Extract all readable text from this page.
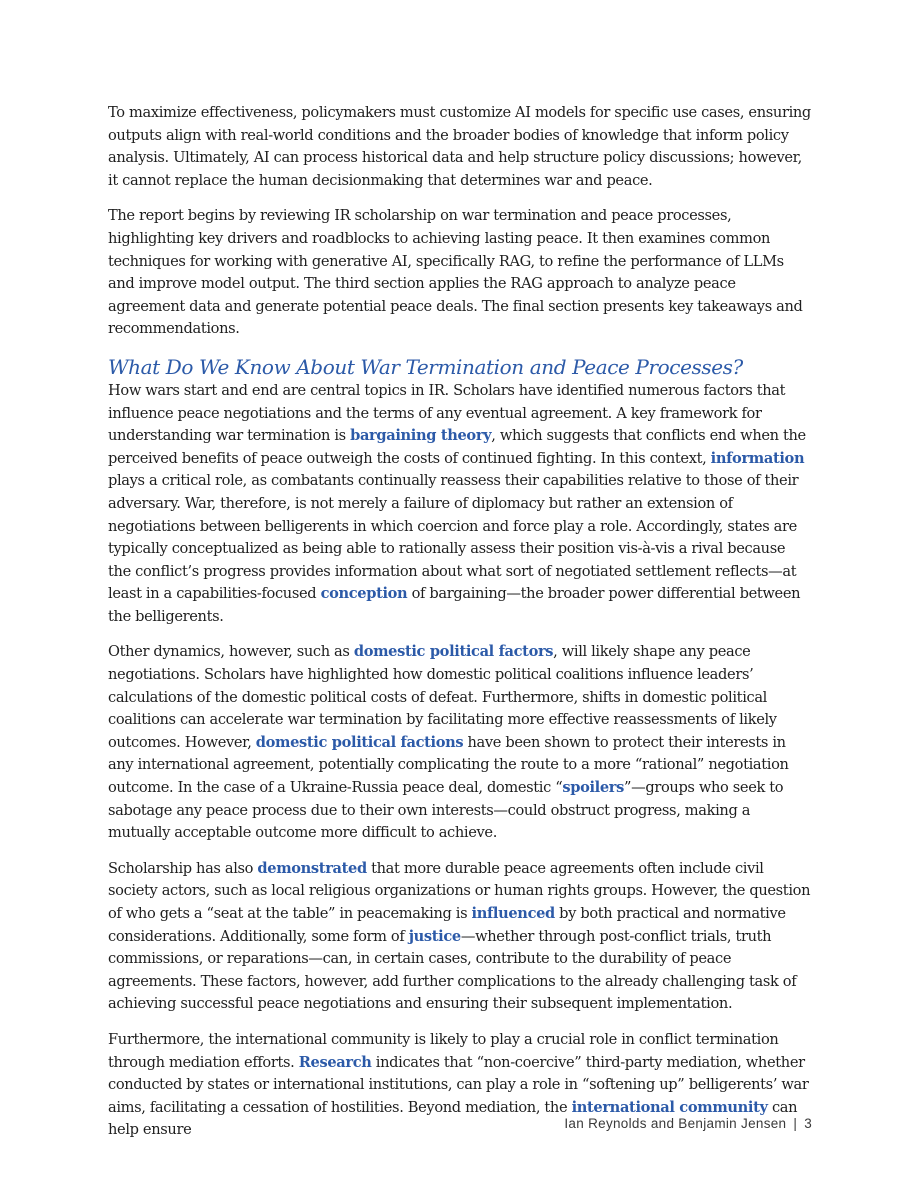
To maximize effectiveness, policymakers must customize AI models for specific use cases, ensuring outputs align with real-world conditions and the broader bodies of knowledge that inform policy analysis. Ultimately, AI can process historical data and help structure policy discussions; however, it cannot replace the human decisionmaking that determines war and peace.

The report begins by reviewing IR scholarship on war termination and peace processes, highlighting key drivers and roadblocks to achieving lasting peace. It then examines common techniques for working with generative AI, specifically RAG, to refine the performance of LLMs and improve model output. The third section applies the RAG approach to analyze peace agreement data and generate potential peace deals. The final section presents key takeaways and recommendations.

What Do We Know About War Termination and Peace Processes?

How wars start and end are central topics in IR. Scholars have identified numerous factors that influence peace negotiations and the terms of any eventual agreement. A key framework for understanding war termination is bargaining theory, which suggests that conflicts end when the perceived benefits of peace outweigh the costs of continued fighting. In this context, information plays a critical role, as combatants continually reassess their capabilities relative to those of their adversary. War, therefore, is not merely a failure of diplomacy but rather an extension of negotiations between belligerents in which coercion and force play a role. Accordingly, states are typically conceptualized as being able to rationally assess their position vis-à-vis a rival because the conflict’s progress provides information about what sort of negotiated settlement reflects—at least in a capabilities-focused conception of bargaining—the broader power differential between the belligerents.

Other dynamics, however, such as domestic political factors, will likely shape any peace negotiations. Scholars have highlighted how domestic political coalitions influence leaders’ calculations of the domestic political costs of defeat. Furthermore, shifts in domestic political coalitions can accelerate war termination by facilitating more effective reassessments of likely outcomes. However, domestic political factions have been shown to protect their interests in any international agreement, potentially complicating the route to a more “rational” negotiation outcome. In the case of a Ukraine-Russia peace deal, domestic “spoilers”—groups who seek to sabotage any peace process due to their own interests—could obstruct progress, making a mutually acceptable outcome more difficult to achieve.

Scholarship has also demonstrated that more durable peace agreements often include civil society actors, such as local religious organizations or human rights groups. However, the question of who gets a “seat at the table” in peacemaking is influenced by both practical and normative considerations. Additionally, some form of justice—whether through post-conflict trials, truth commissions, or reparations—can, in certain cases, contribute to the durability of peace agreements. These factors, however, add further complications to the already challenging task of achieving successful peace negotiations and ensuring their subsequent implementation.

Furthermore, the international community is likely to play a crucial role in conflict termination through mediation efforts. Research indicates that “non-coercive” third-party mediation, whether conducted by states or international institutions, can play a role in “softening up” belligerents’ war aims, facilitating a cessation of hostilities. Beyond mediation, the international community can help ensure	Ian Reynolds and Benjamin Jensen | 3
